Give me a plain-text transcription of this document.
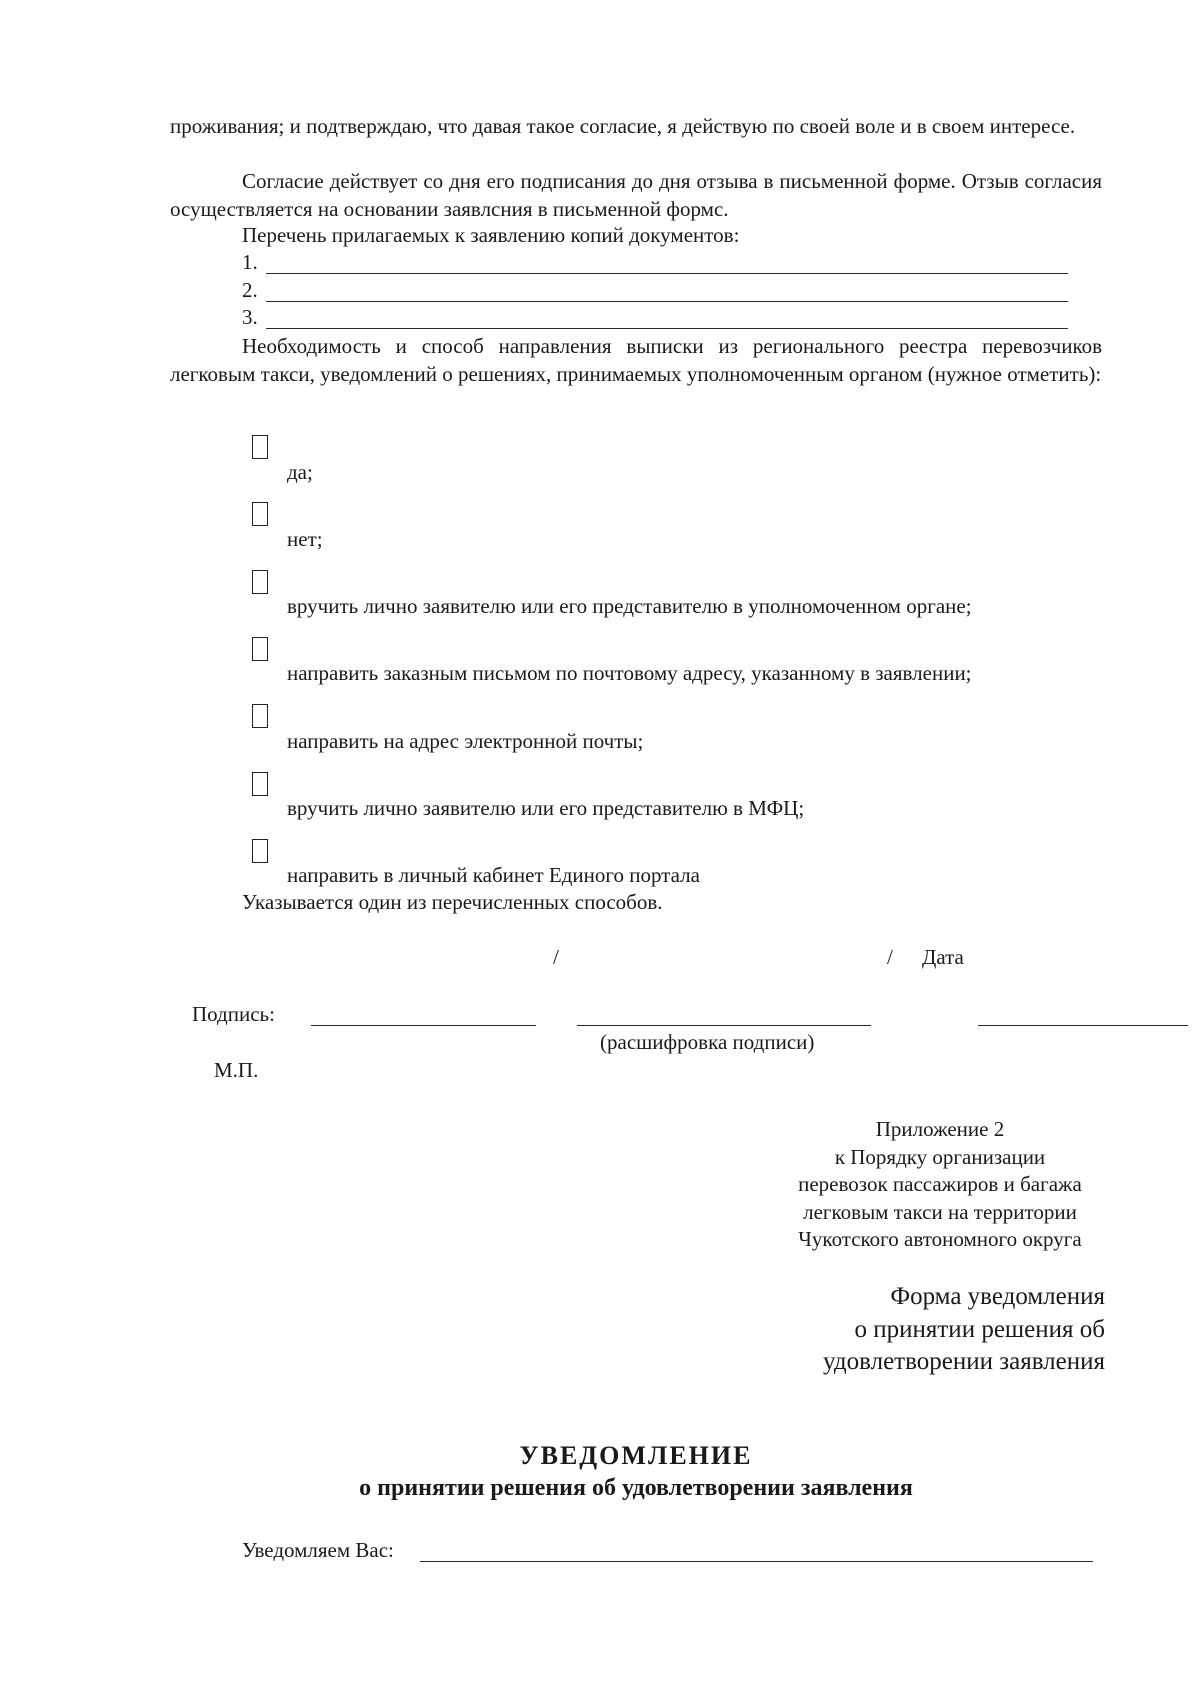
проживания; и подтверждаю, что давая такое согласие, я действую по своей воле и в своем интересе.
Согласие действует со дня его подписания до дня отзыва в письменной форме. Отзыв согласия осуществляется на основании заявлсния в письменной формс.
Перечень прилагаемых к заявлению копий документов:
1.
2.
3.
Необходимость и способ направления выписки из регионального реестра перевозчиков легковым такси, уведомлений о решениях, принимаемых уполномоченным органом (нужное отметить):
да;
нет;
вручить лично заявителю или его представителю в уполномоченном органе;
направить заказным письмом по почтовому адресу, указанному в заявлении;
направить на адрес электронной почты;
вручить лично заявителю или его представителю в МФЦ;
направить в личный кабинет Единого портала
Указывается один из перечисленных способов.
/	/ Дата
Подпись:
(расшифровка подписи)
М.П.
Приложение 2
к Порядку организации
перевозок пассажиров и багажа
легковым такси на территории
Чукотского автономного округа
Форма уведомления
о принятии решения об
удовлетворении заявления
УВЕДОМЛЕНИЕ
о принятии решения об удовлетворении заявления
Уведомляем Вас:
